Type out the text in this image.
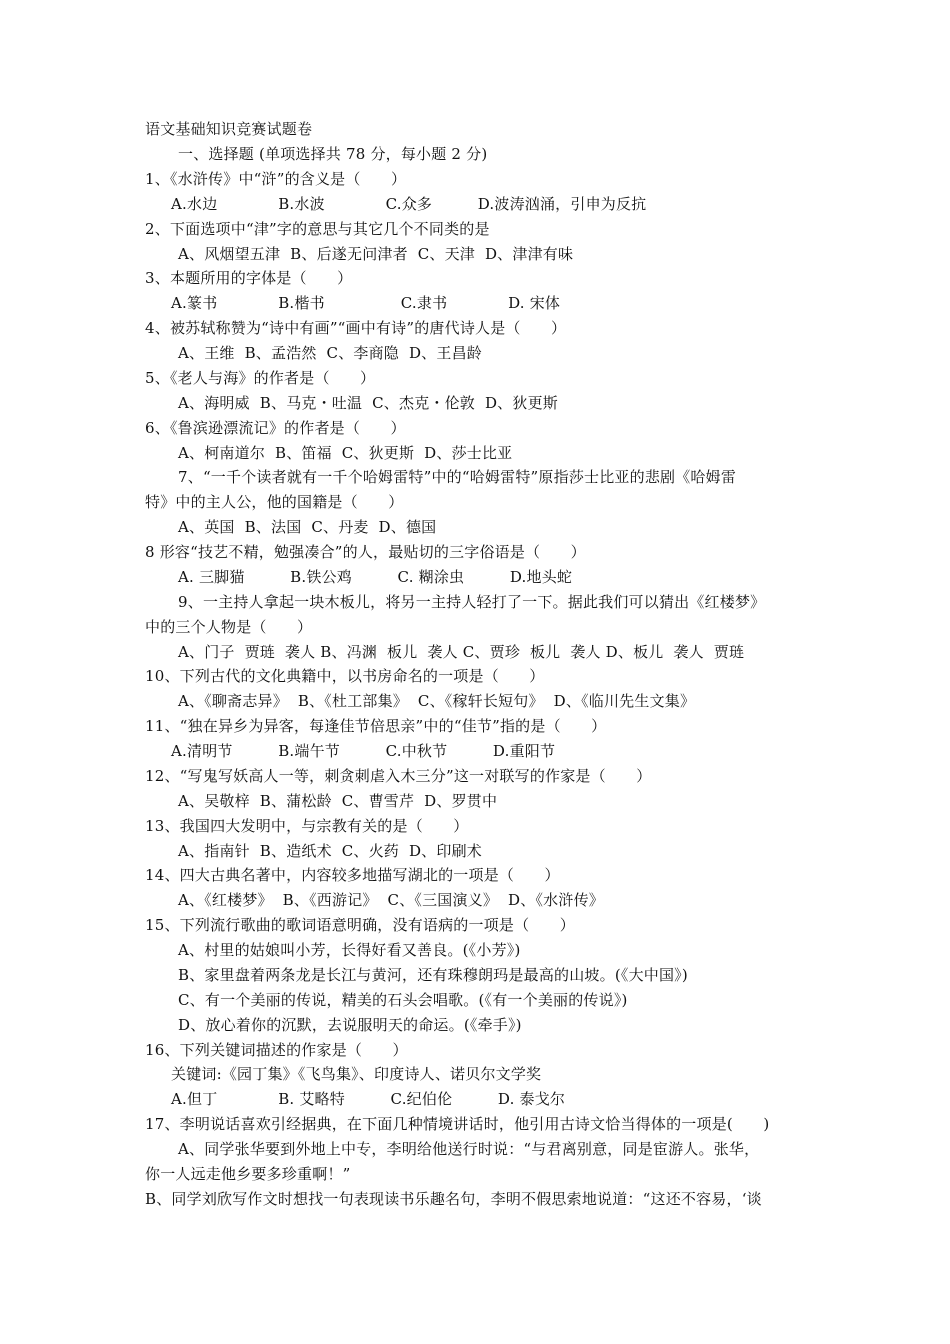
语文基础知识竞赛试题卷
一、选择题 (单项选择共 78 分，每小题 2 分)
1、《水浒传》中“浒”的含义是（　　）
A.水边　　　　B.水波　　　　C.众多　　　D.波涛汹涌，引申为反抗
2、下面选项中“津”字的意思与其它几个不同类的是
A、风烟望五津  B、后遂无问津者  C、天津  D、津津有味
3、本题所用的字体是（　　）
A.篆书　　　　B.楷书　　　　　C.隶书　　　　D. 宋体
4、被苏轼称赞为“诗中有画”“画中有诗”的唐代诗人是（　　）
A、王维  B、孟浩然  C、李商隐  D、王昌龄
5、《老人与海》的作者是（　　）
A、海明威  B、马克・吐温  C、杰克・伦敦  D、狄更斯
6、《鲁滨逊漂流记》的作者是（　　）
A、柯南道尔  B、笛福  C、狄更斯  D、莎士比亚
7、“一千个读者就有一千个哈姆雷特”中的“哈姆雷特”原指莎士比亚的悲剧《哈姆雷
特》中的主人公，他的国籍是（　　）
A、英国  B、法国  C、丹麦  D、德国
8 形容“技艺不精，勉强凑合”的人，最贴切的三字俗语是（　　）
A. 三脚猫　　　B.铁公鸡　　　C. 糊涂虫　　　D.地头蛇
9、一主持人拿起一块木板儿，将另一主持人轻打了一下。据此我们可以猜出《红楼梦》
中的三个人物是（　　）
A、门子  贾琏  袭人 B、冯渊  板儿  袭人 C、贾珍  板儿  袭人 D、板儿  袭人  贾琏
10、下列古代的文化典籍中，以书房命名的一项是（　　）
A、《聊斋志异》  B、《杜工部集》  C、《稼轩长短句》  D、《临川先生文集》
11、“独在异乡为异客，每逢佳节倍思亲”中的“佳节”指的是（　　）
A.清明节　　　B.端午节　　　C.中秋节　　　D.重阳节
12、“写鬼写妖高人一等，刺贪刺虐入木三分”这一对联写的作家是（　　）
A、吴敬梓  B、蒲松龄  C、曹雪芹  D、罗贯中
13、我国四大发明中，与宗教有关的是（　　）
A、指南针  B、造纸术  C、火药  D、印刷术
14、四大古典名著中，内容较多地描写湖北的一项是（　　）
A、《红楼梦》  B、《西游记》  C、《三国演义》  D、《水浒传》
15、下列流行歌曲的歌词语意明确，没有语病的一项是（　　）
A、村里的姑娘叫小芳，长得好看又善良。(《小芳》)
B、家里盘着两条龙是长江与黄河，还有珠穆朗玛是最高的山坡。(《大中国》)
C、有一个美丽的传说，精美的石头会唱歌。(《有一个美丽的传说》)
D、放心着你的沉默，去说服明天的命运。(《牵手》)
16、下列关键词描述的作家是（　　）
关键词:《园丁集》《飞鸟集》、印度诗人、诺贝尔文学奖
A.但丁　　　　B. 艾略特　　　C.纪伯伦　　　D. 泰戈尔
17、李明说话喜欢引经据典，在下面几种情境讲话时，他引用古诗文恰当得体的一项是(　　)
A、同学张华要到外地上中专，李明给他送行时说：“与君离别意，同是宦游人。张华，
你一人远走他乡要多珍重啊！”
B、同学刘欣写作文时想找一句表现读书乐趣名句，李明不假思索地说道：“这还不容易，‘谈
